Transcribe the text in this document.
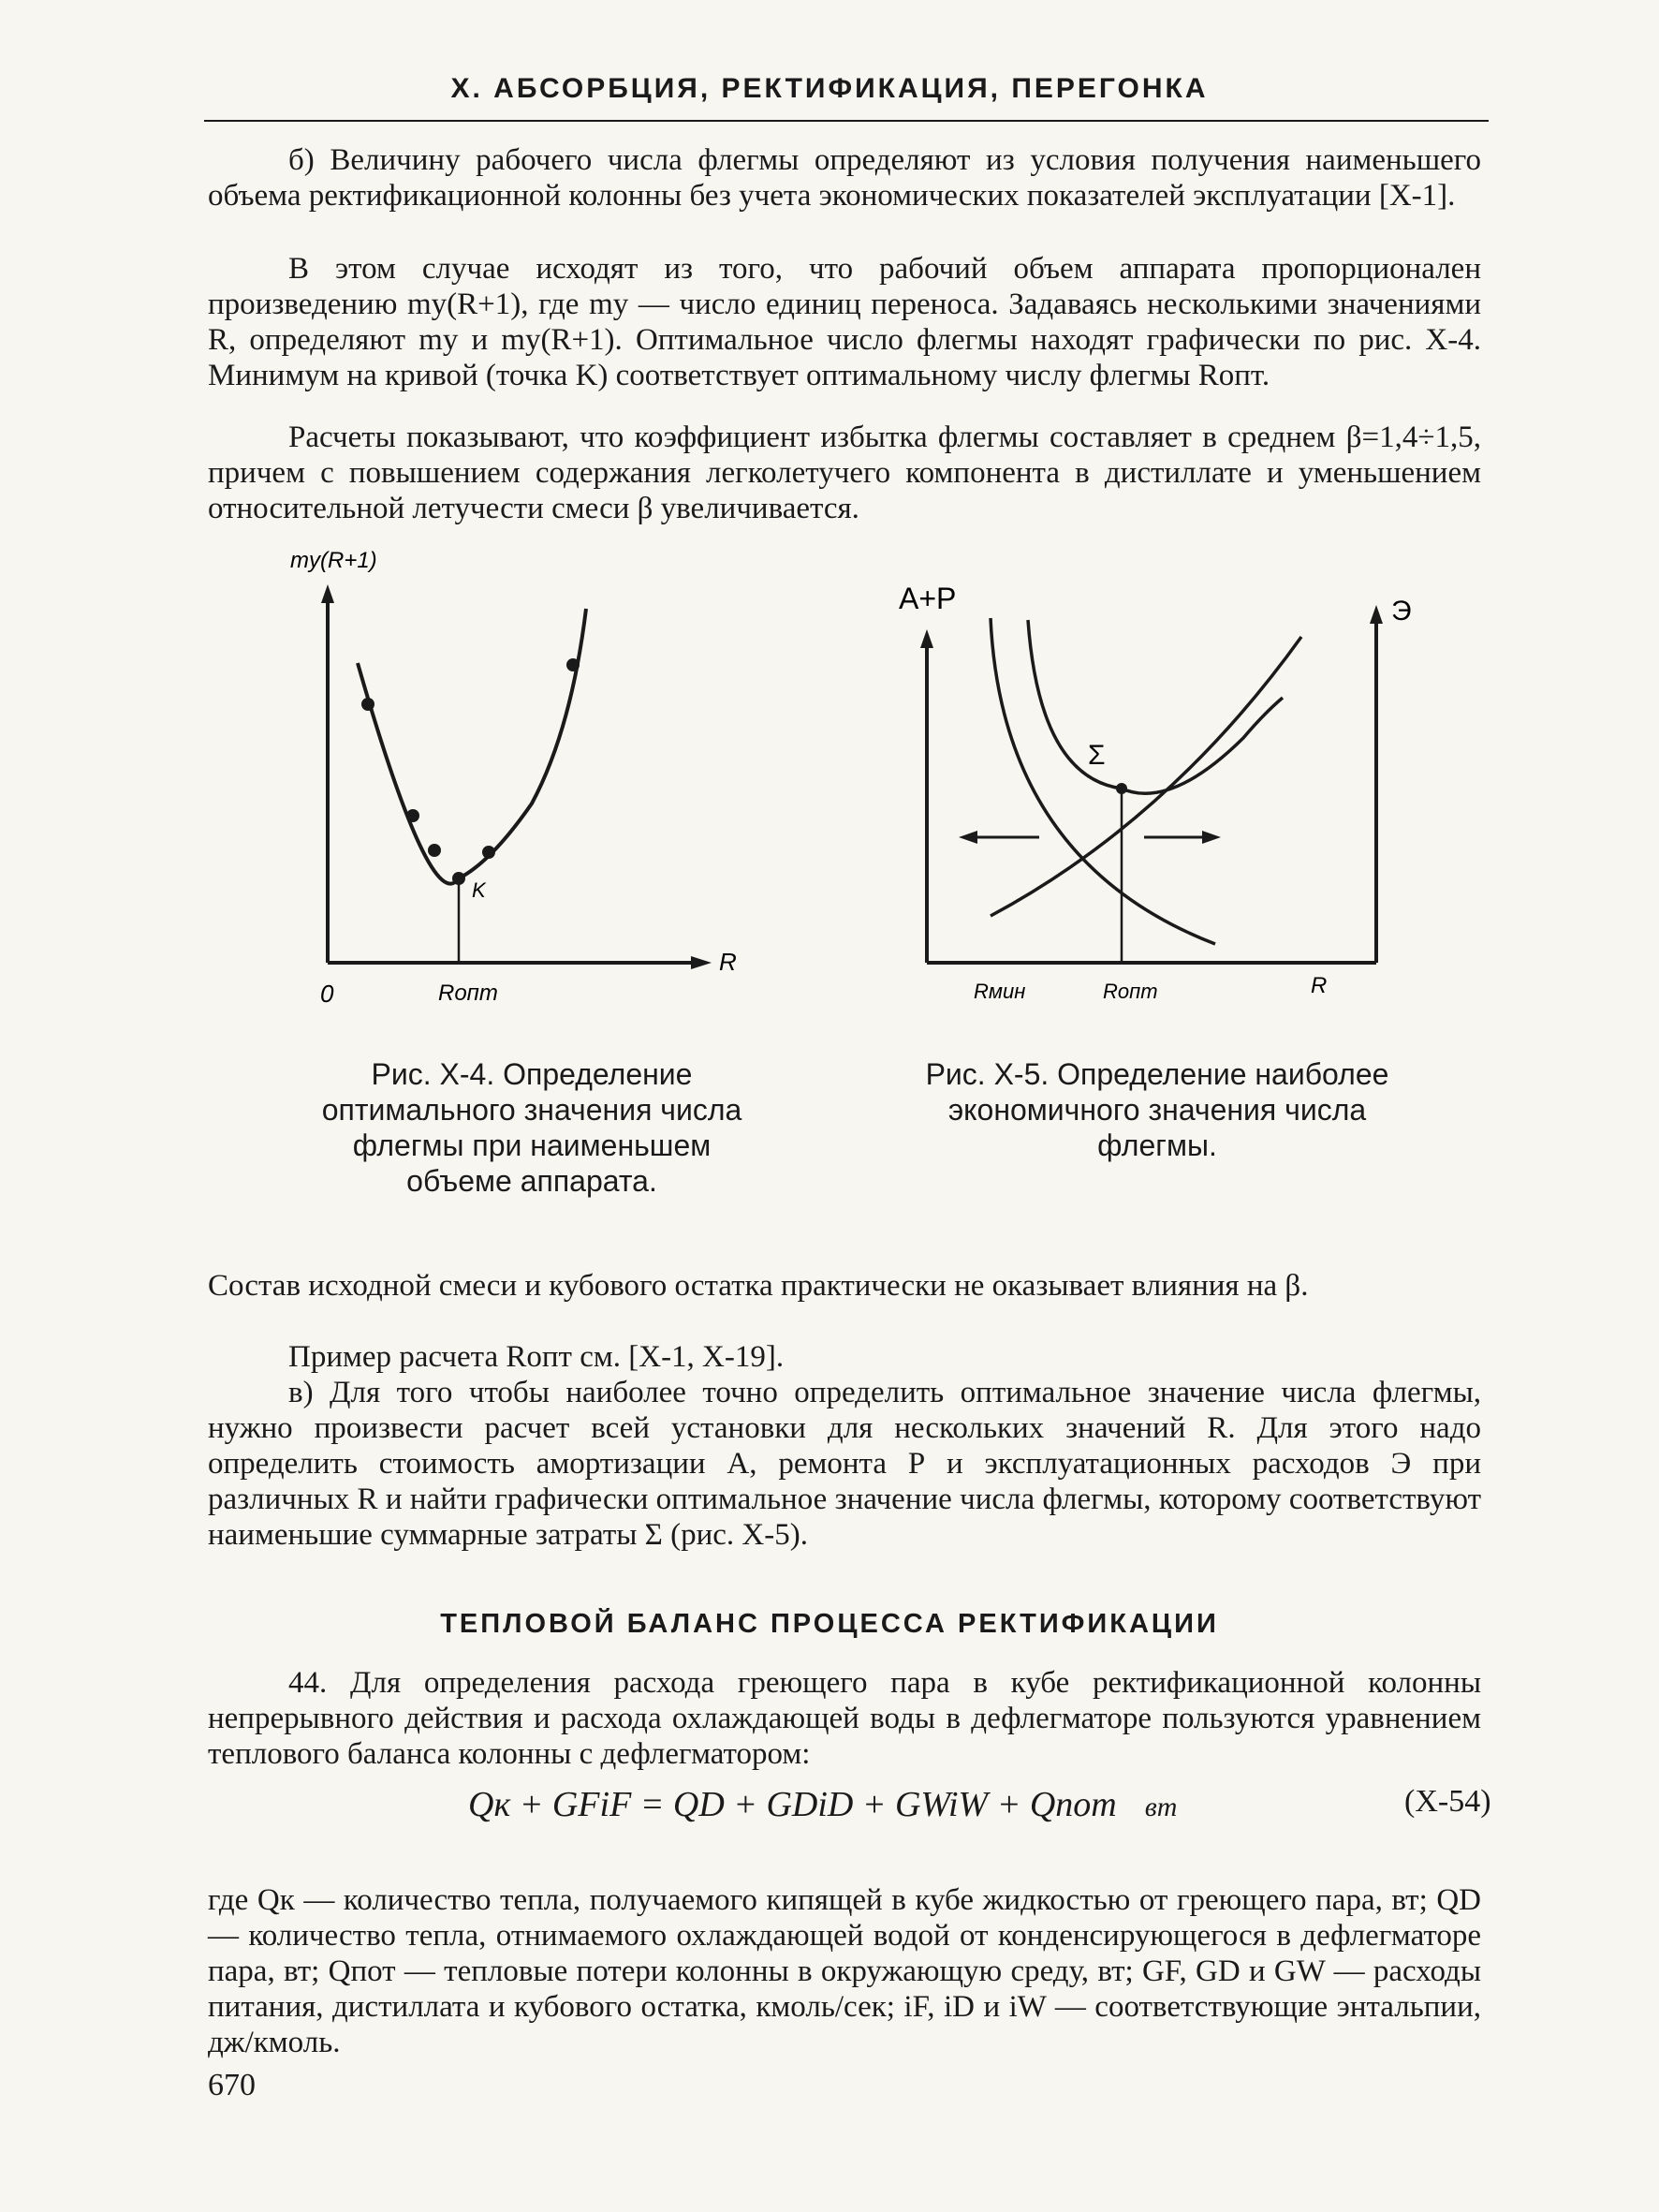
X. АБСОРБЦИЯ, РЕКТИФИКАЦИЯ, ПЕРЕГОНКА
б) Величину рабочего числа флегмы определяют из условия получения наименьшего объема ректификационной колонны без учета экономических показателей эксплуатации [X-1].
В этом случае исходят из того, что рабочий объем аппарата пропорционален произведению mу(R+1), где mу — число единиц переноса. Задаваясь несколькими значениями R, определяют mу и mу(R+1). Оптимальное число флегмы находят графически по рис. X-4. Минимум на кривой (точка K) соответствует оптимальному числу флегмы Rопт.
Расчеты показывают, что коэффициент избытка флегмы составляет в среднем β=1,4÷1,5, причем с повышением содержания легколетучего компонента в дистиллате и уменьшением относительной летучести смеси β увеличивается.
mу(R+1)
R
0
K
Rопт
А+Р	Э
Σ
Rмин	Rопт	R
Рис. X-4. Определение оптимального значения числа флегмы при наименьшем объеме аппарата.
Рис. X-5. Определение наиболее экономичного значения числа флегмы.
Состав исходной смеси и кубового остатка практически не оказывает влияния на β.
Пример расчета Rопт см. [X-1, X-19].
в) Для того чтобы наиболее точно определить оптимальное значение числа флегмы, нужно произвести расчет всей установки для нескольких значений R. Для этого надо определить стоимость амортизации А, ремонта Р и эксплуатационных расходов Э при различных R и найти графически оптимальное значение числа флегмы, которому соответствуют наименьшие суммарные затраты Σ (рис. X-5).
ТЕПЛОВОЙ БАЛАНС ПРОЦЕССА РЕКТИФИКАЦИИ
44. Для определения расхода греющего пара в кубе ректификационной колонны непрерывного действия и расхода охлаждающей воды в дефлегматоре пользуются уравнением теплового баланса колонны с дефлегматором:
Qк + GFiF = QD + GDiD + GWiW + Qпот вт	(X-54)
где Qк — количество тепла, получаемого кипящей в кубе жидкостью от греющего пара, вт; QD — количество тепла, отнимаемого охлаждающей водой от конденсирующегося в дефлегматоре пара, вт; Qпот — тепловые потери колонны в окружающую среду, вт; GF, GD и GW — расходы питания, дистиллата и кубового остатка, кмоль/сек; iF, iD и iW — соответствующие энтальпии, дж/кмоль.
670
